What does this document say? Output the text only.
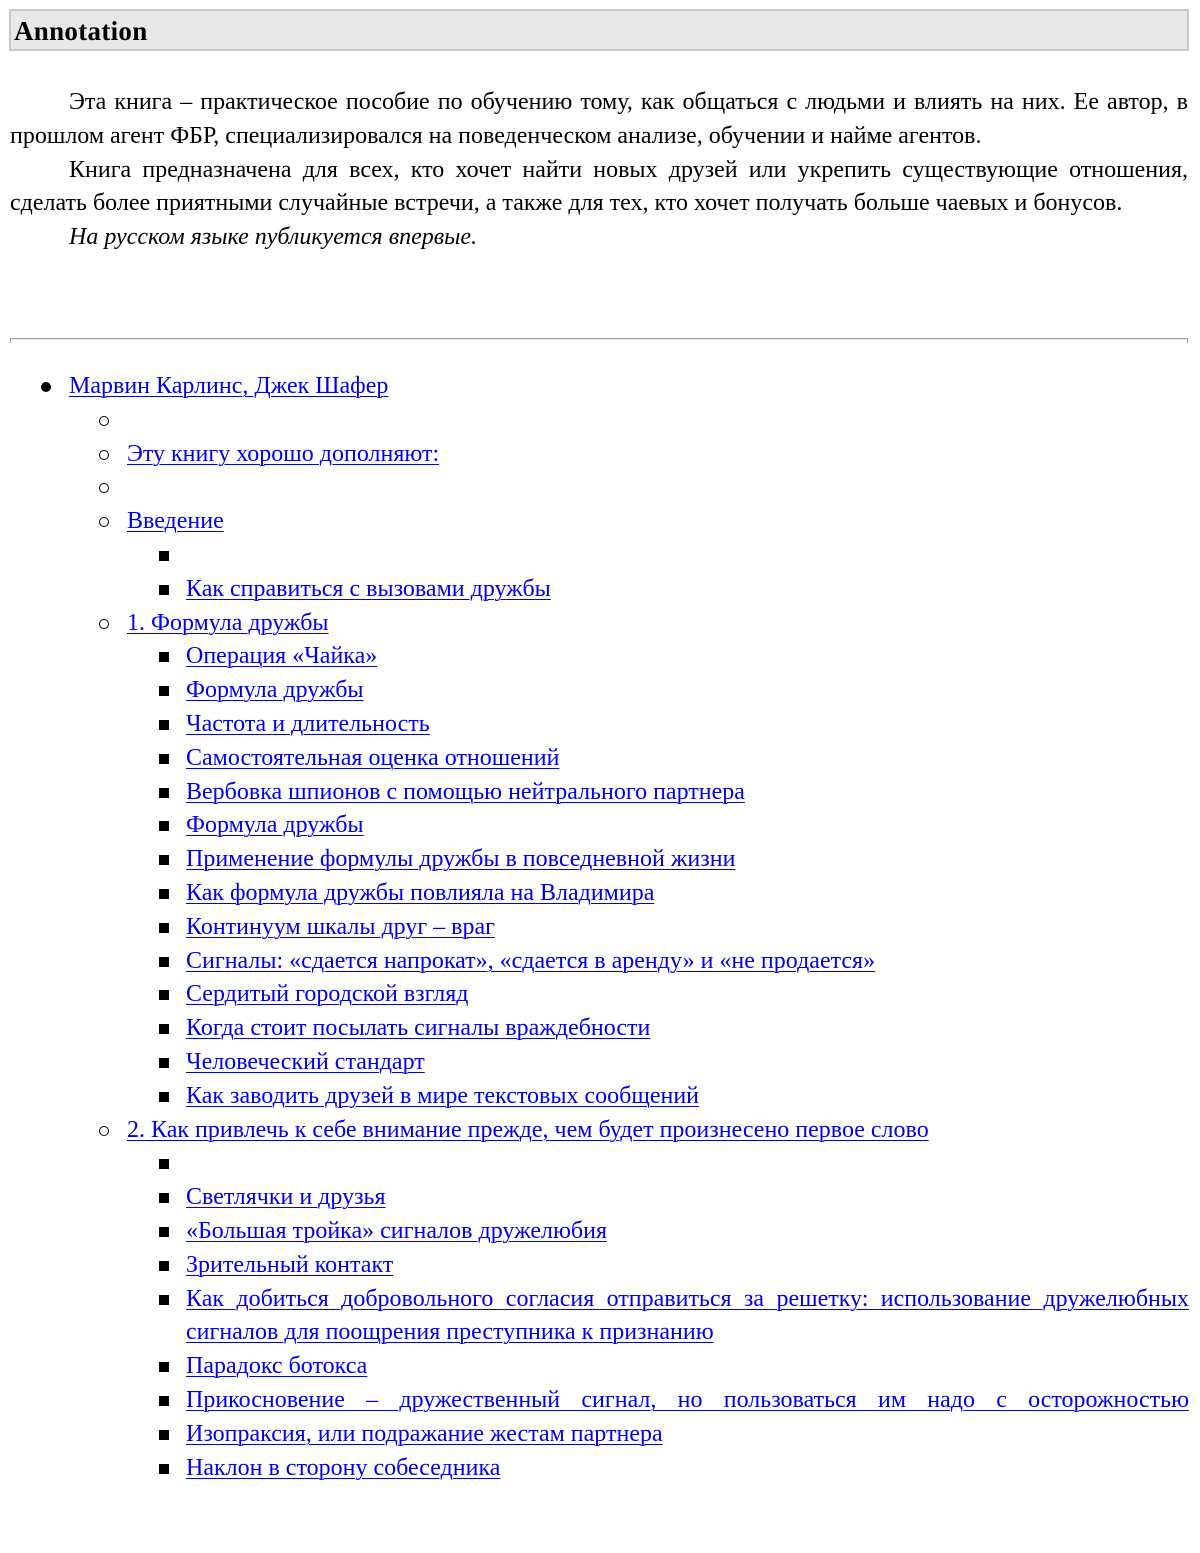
Annotation

Эта книга – практическое пособие по обучению тому, как общаться с людьми и влиять на них. Ее автор, в прошлом агент ФБР, специализировался на поведенческом анализе, обучении и найме агентов.

Книга предназначена для всех, кто хочет найти новых друзей или укрепить существующие отношения, сделать более приятными случайные встречи, а также для тех, кто хочет получать больше чаевых и бонусов.

На русском языке публикуется впервые.

Марвин Карлинс, Джек Шафер
Эту книгу хорошо дополняют:
Введение
Как справиться с вызовами дружбы
1. Формула дружбы
Операция «Чайка»
Формула дружбы
Частота и длительность
Самостоятельная оценка отношений
Вербовка шпионов с помощью нейтрального партнера
Формула дружбы
Применение формулы дружбы в повседневной жизни
Как формула дружбы повлияла на Владимира
Континуум шкалы друг – враг
Сигналы: «сдается напрокат», «сдается в аренду» и «не продается»
Сердитый городской взгляд
Когда стоит посылать сигналы враждебности
Человеческий стандарт
Как заводить друзей в мире текстовых сообщений
2. Как привлечь к себе внимание прежде, чем будет произнесено первое слово
Светлячки и друзья
«Большая тройка» сигналов дружелюбия
Зрительный контакт
Как добиться добровольного согласия отправиться за решетку: использование дружелюбных сигналов для поощрения преступника к признанию
Парадокс ботокса
Прикосновение – дружественный сигнал, но пользоваться им надо с осторожностью
Изопраксия, или подражание жестам партнера
Наклон в сторону собеседника
